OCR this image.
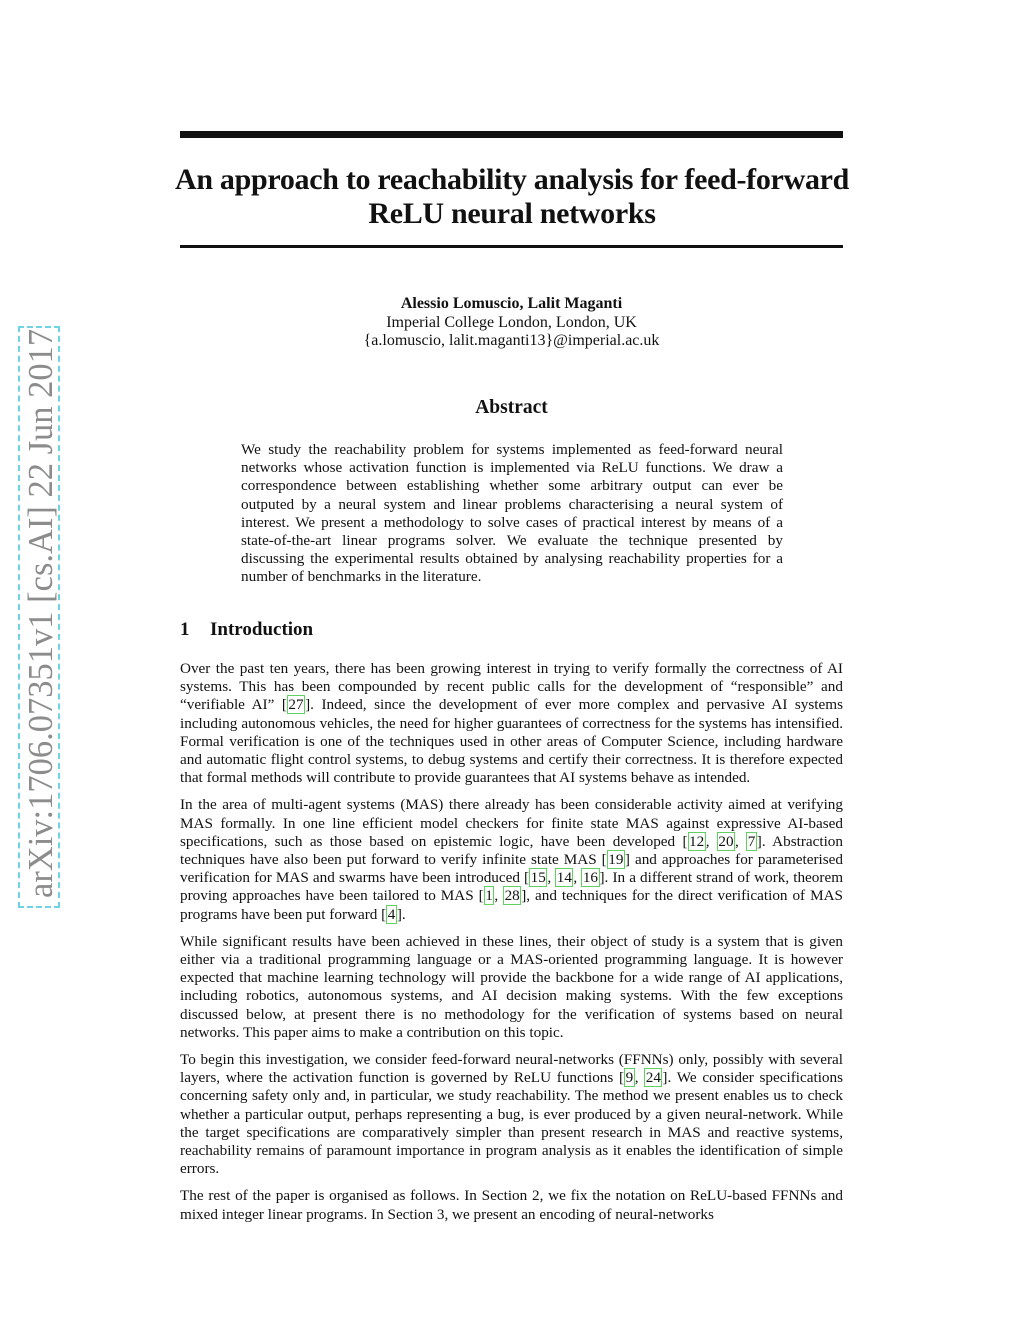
arXiv:1706.07351v1 [cs.AI] 22 Jun 2017
An approach to reachability analysis for feed-forward
ReLU neural networks
Alessio Lomuscio, Lalit Maganti
Imperial College London, London, UK
{a.lomuscio, lalit.maganti13}@imperial.ac.uk
Abstract
We study the reachability problem for systems implemented as feed-forward neural networks whose activation function is implemented via ReLU functions. We draw a correspondence between establishing whether some arbitrary output can ever be outputed by a neural system and linear problems characterising a neural system of interest. We present a methodology to solve cases of practical interest by means of a state-of-the-art linear programs solver. We evaluate the technique presented by discussing the experimental results obtained by analysing reachability properties for a number of benchmarks in the literature.
1 Introduction

Over the past ten years, there has been growing interest in trying to verify formally the correctness of AI systems. This has been compounded by recent public calls for the development of “responsible” and “verifiable AI” [27]. Indeed, since the development of ever more complex and pervasive AI systems including autonomous vehicles, the need for higher guarantees of correctness for the systems has intensified. Formal verification is one of the techniques used in other areas of Computer Science, including hardware and automatic flight control systems, to debug systems and certify their correctness. It is therefore expected that formal methods will contribute to provide guarantees that AI systems behave as intended.

In the area of multi-agent systems (MAS) there already has been considerable activity aimed at verifying MAS formally. In one line efficient model checkers for finite state MAS against expressive AI-based specifications, such as those based on epistemic logic, have been developed [12, 20, 7]. Abstraction techniques have also been put forward to verify infinite state MAS [19] and approaches for parameterised verification for MAS and swarms have been introduced [15, 14, 16]. In a different strand of work, theorem proving approaches have been tailored to MAS [1, 28], and techniques for the direct verification of MAS programs have been put forward [4].

While significant results have been achieved in these lines, their object of study is a system that is given either via a traditional programming language or a MAS-oriented programming language. It is however expected that machine learning technology will provide the backbone for a wide range of AI applications, including robotics, autonomous systems, and AI decision making systems. With the few exceptions discussed below, at present there is no methodology for the verification of systems based on neural networks. This paper aims to make a contribution on this topic.

To begin this investigation, we consider feed-forward neural-networks (FFNNs) only, possibly with several layers, where the activation function is governed by ReLU functions [9, 24]. We consider specifications concerning safety only and, in particular, we study reachability. The method we present enables us to check whether a particular output, perhaps representing a bug, is ever produced by a given neural-network. While the target specifications are comparatively simpler than present research in MAS and reactive systems, reachability remains of paramount importance in program analysis as it enables the identification of simple errors.

The rest of the paper is organised as follows. In Section 2, we fix the notation on ReLU-based FFNNs and mixed integer linear programs. In Section 3, we present an encoding of neural-networks
